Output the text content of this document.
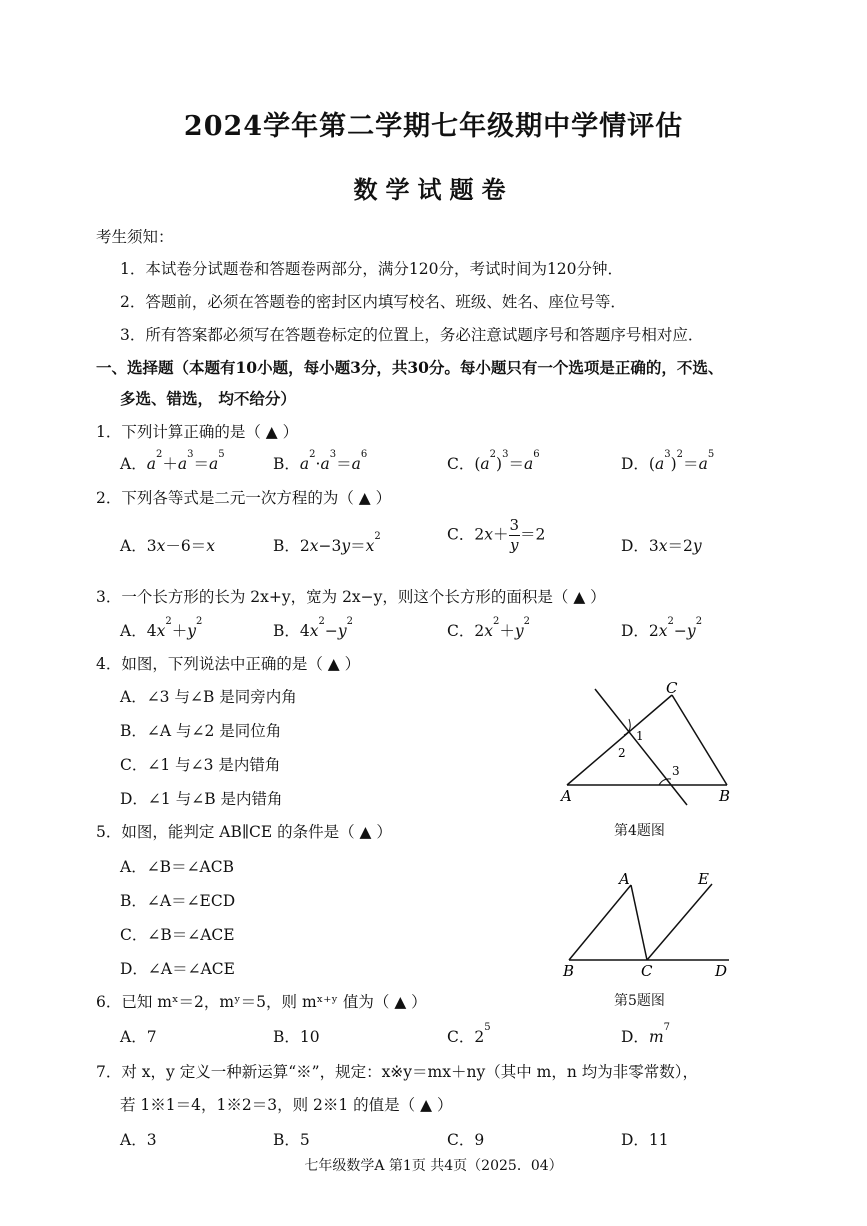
2024学年第二学期七年级期中学情评估
数学试题卷
考生须知：
1．本试卷分试题卷和答题卷两部分，满分120分，考试时间为120分钟．
2．答题前，必须在答题卷的密封区内填写校名、班级、姓名、座位号等．
3．所有答案都必须写在答题卷标定的位置上，务必注意试题序号和答题序号相对应．
一、选择题（本题有10小题，每小题3分，共30分。每小题只有一个选项是正确的，不选、
多选、错选， 均不给分）
1．下列计算正确的是（ ▲ ）
A．$a^2+a^3=a^5$
B．$a^2\cdot a^3=a^6$
C．$(a^2)^3=a^6$
D．$(a^3)^2=a^5$
2．下列各等式是二元一次方程的为（ ▲ ）
A．3x－6＝x	B．$2x-3y=x^2$	C．$2x+ \frac{3}{y} =2$
D．3x＝2y
3．一个长方形的长为 2x+y，宽为 2x−y，则这个长方形的面积是（ ▲ ）
A．$4x^2+y^2$
B．$4x^2-y^2$
C．$2x^2+y^2$
D．$2x^2-y^2$
4．如图，下列说法中正确的是（ ▲ ）
A．∠3 与∠B 是同旁内角
B．∠A 与∠2 是同位角
C．∠1 与∠3 是内错角
D．∠1 与∠B 是内错角
C
1
2
3
A	B
第4题图
5．如图，能判定 AB∥CE 的条件是（ ▲ ）
A．∠B＝∠ACB
B．∠A＝∠ECD
C．∠B＝∠ACE
D．∠A＝∠ACE
A	E
B	C	D
第5题图
6．已知 mˣ＝2，mʸ＝5，则 mˣ⁺ʸ 值为（ ▲ ）
A．7	B．10	C．$2^5$
D．$m^7$
7．对 x，y 定义一种新运算“※”，规定：x※y＝mx＋ny（其中 m，n 均为非零常数），
若 1※1＝4，1※2＝3，则 2※1 的值是（ ▲ ）
A．3	B．5	C．9	D．11
七年级数学A 第1页 共4页（2025．04）
